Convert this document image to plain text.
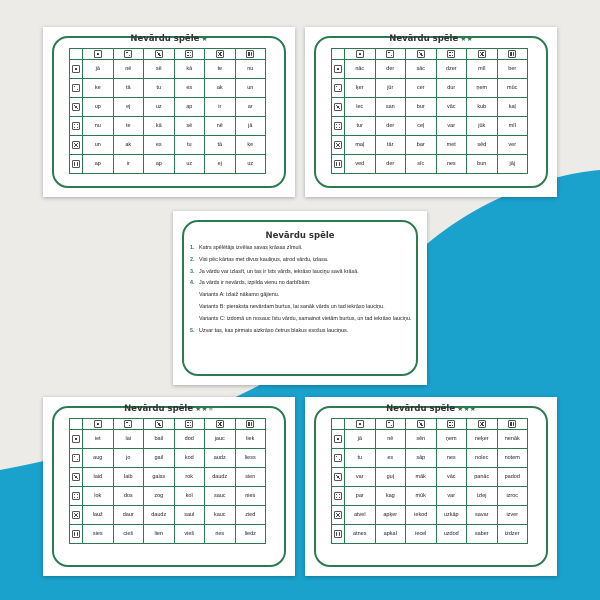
Nevārdu spēle ★

	jā	nē	sē	kā	te	nu

	ke	tā	tu	es	ak	un

	up	ej	uz	ap	ir	ar

	nu	te	kā	sē	nē	jā

	un	ak	es	tu	tā	ke

	ap	ir	ap	uz	ej	uz
Nevārdu spēle ★★

	nāc	der	sāc	dzer	mīl	ber

	ķer	jūr	cer	dur	ņem	mūc

	lec	san	bur	vāc	kub	kaļ

	tur	der	ceļ	var	jūk	mīl

	maļ	tār	bar	met	sēd	ver

	ved	der	sīc	nes	bun	jāj
Nevārdu spēle
1. Katrs spēlētājs izvēlas savas krāsas zīmuli.
2. Visi pēc kārtas met divus kauliņus, atrod vārdu, izlasa.
3. Ja vārdu var izlasīt, un tas ir īsts vārds, iekrāso lauciņu savā krāsā.
4. Ja vārds ir nevārds, izpilda vienu no darbībām:
Variants A: izlaiž nākamo gājienu.
Variants B: pieraksta nevārdam burtus, lai sanāk vārds un tad iekrāso lauciņu.
Variants C: izdomā un nosauc īstu vārdu, samainot vietām burtus, un tad iekrāso lauciņu.
5. Uzvar tas, kas pirmais aizkrāso četrus blakus esošus lauciņus.
Nevārdu spēle ★★★

	iet	lai	bail	dod	jauc	liek

	aug	jo	gail	kod	audz	liess

	laid	laib	gaiss	rok	daudz	sien

	lok	dos	zog	koī	sauc	nies

	lauž	daur	daudz	saul	kauc	zied

	sies	cieš	lien	vieš	ries	liedz
Nevārdu spēle ★★★

	jā	nē	sēn	ņem	neķer	nenāk

	tu	es	sāp	nes	nolec	notem

	var	guļ	māk	vāc	panāc	padod

	par	kag	mūk	var	izlej	izroc

	atvel	apķer	iekod	uzkāp	savar	izver

	atnes	apkal	iecel	uzdod	saber	izdzer
